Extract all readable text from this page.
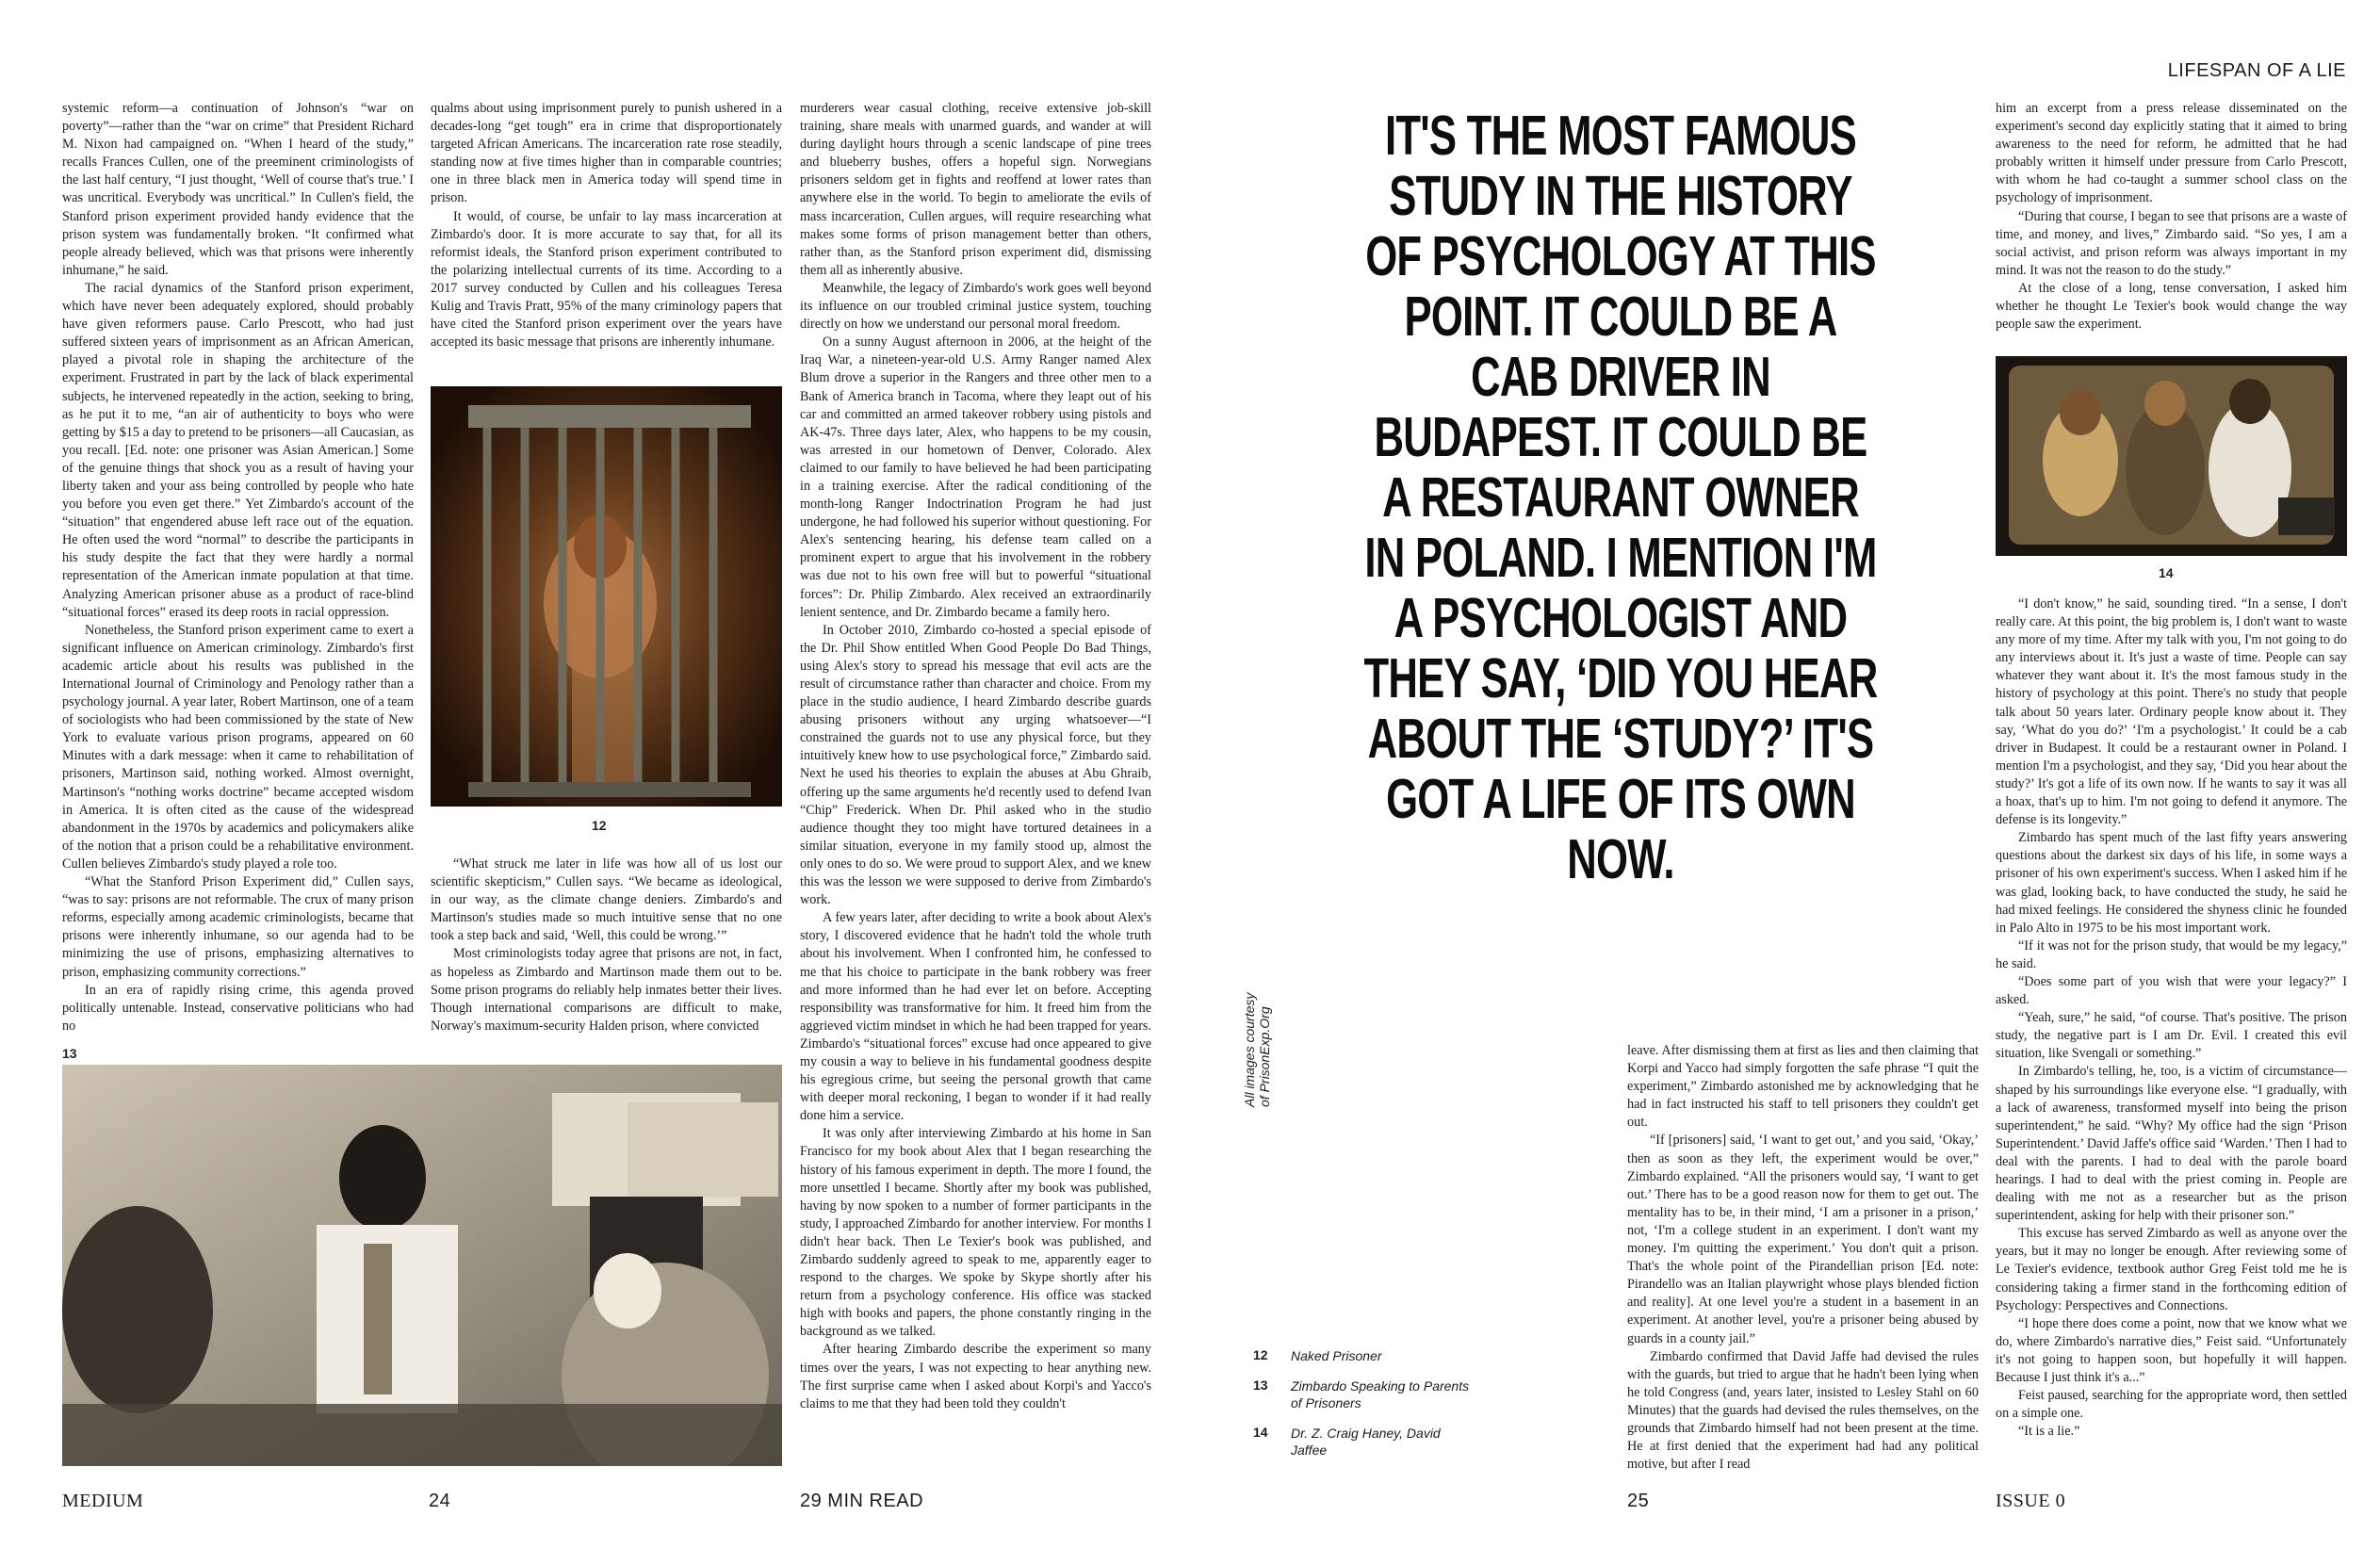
LIFESPAN OF A LIE

systemic reform—a continuation of Johnson's “war on poverty”—rather than the “war on crime” that President Richard M. Nixon had campaigned on. “When I heard of the study,” recalls Frances Cullen, one of the preeminent criminologists of the last half century, “I just thought, ‘Well of course that's true.’ I was uncritical. Everybody was uncritical.” In Cullen's field, the Stanford prison experiment provided handy evidence that the prison system was fundamentally broken. “It confirmed what people already believed, which was that prisons were inherently inhumane,” he said.

The racial dynamics of the Stanford prison experiment, which have never been adequately explored, should probably have given reformers pause. Carlo Prescott, who had just suffered sixteen years of imprisonment as an African American, played a pivotal role in shaping the architecture of the experiment. Frustrated in part by the lack of black experimental subjects, he intervened repeatedly in the action, seeking to bring, as he put it to me, “an air of authenticity to boys who were getting by $15 a day to pretend to be prisoners—all Caucasian, as you recall. [Ed. note: one prisoner was Asian American.] Some of the genuine things that shock you as a result of having your liberty taken and your ass being controlled by people who hate you before you even get there.” Yet Zimbardo's account of the “situation” that engendered abuse left race out of the equation. He often used the word “normal” to describe the participants in his study despite the fact that they were hardly a normal representation of the American inmate population at that time. Analyzing American prisoner abuse as a product of race-blind “situational forces” erased its deep roots in racial oppression.

Nonetheless, the Stanford prison experiment came to exert a significant influence on American criminology. Zimbardo's first academic article about his results was published in the International Journal of Criminology and Penology rather than a psychology journal. A year later, Robert Martinson, one of a team of sociologists who had been commissioned by the state of New York to evaluate various prison programs, appeared on 60 Minutes with a dark message: when it came to rehabilitation of prisoners, Martinson said, nothing worked. Almost overnight, Martinson's “nothing works doctrine” became accepted wisdom in America. It is often cited as the cause of the widespread abandonment in the 1970s by academics and policymakers alike of the notion that a prison could be a rehabilitative environment. Cullen believes Zimbardo's study played a role too.

“What the Stanford Prison Experiment did,” Cullen says, “was to say: prisons are not reformable. The crux of many prison reforms, especially among academic criminologists, became that prisons were inherently inhumane, so our agenda had to be minimizing the use of prisons, emphasizing alternatives to prison, emphasizing community corrections.”

In an era of rapidly rising crime, this agenda proved politically untenable. Instead, conservative politicians who had no

qualms about using imprisonment purely to punish ushered in a decades-long “get tough” era in crime that disproportionately targeted African Americans. The incarceration rate rose steadily, standing now at five times higher than in comparable countries; one in three black men in America today will spend time in prison.

It would, of course, be unfair to lay mass incarceration at Zimbardo's door. It is more accurate to say that, for all its reformist ideals, the Stanford prison experiment contributed to the polarizing intellectual currents of its time. According to a 2017 survey conducted by Cullen and his colleagues Teresa Kulig and Travis Pratt, 95% of the many criminology papers that have cited the Stanford prison experiment over the years have accepted its basic message that prisons are inherently inhumane.

12

“What struck me later in life was how all of us lost our scientific skepticism,” Cullen says. “We became as ideological, in our way, as the climate change deniers. Zimbardo's and Martinson's studies made so much intuitive sense that no one took a step back and said, ‘Well, this could be wrong.’”

Most criminologists today agree that prisons are not, in fact, as hopeless as Zimbardo and Martinson made them out to be. Some prison programs do reliably help inmates better their lives. Though international comparisons are difficult to make, Norway's maximum-security Halden prison, where convicted

13

murderers wear casual clothing, receive extensive job-skill training, share meals with unarmed guards, and wander at will during daylight hours through a scenic landscape of pine trees and blueberry bushes, offers a hopeful sign. Norwegians prisoners seldom get in fights and reoffend at lower rates than anywhere else in the world. To begin to ameliorate the evils of mass incarceration, Cullen argues, will require researching what makes some forms of prison management better than others, rather than, as the Stanford prison experiment did, dismissing them all as inherently abusive.

Meanwhile, the legacy of Zimbardo's work goes well beyond its influence on our troubled criminal justice system, touching directly on how we understand our personal moral freedom.

On a sunny August afternoon in 2006, at the height of the Iraq War, a nineteen-year-old U.S. Army Ranger named Alex Blum drove a superior in the Rangers and three other men to a Bank of America branch in Tacoma, where they leapt out of his car and committed an armed takeover robbery using pistols and AK-47s. Three days later, Alex, who happens to be my cousin, was arrested in our hometown of Denver, Colorado. Alex claimed to our family to have believed he had been participating in a training exercise. After the radical conditioning of the month-long Ranger Indoctrination Program he had just undergone, he had followed his superior without questioning. For Alex's sentencing hearing, his defense team called on a prominent expert to argue that his involvement in the robbery was due not to his own free will but to powerful “situational forces”: Dr. Philip Zimbardo. Alex received an extraordinarily lenient sentence, and Dr. Zimbardo became a family hero.

In October 2010, Zimbardo co-hosted a special episode of the Dr. Phil Show entitled When Good People Do Bad Things, using Alex's story to spread his message that evil acts are the result of circumstance rather than character and choice. From my place in the studio audience, I heard Zimbardo describe guards abusing prisoners without any urging whatsoever—“I constrained the guards not to use any physical force, but they intuitively knew how to use psychological force,” Zimbardo said. Next he used his theories to explain the abuses at Abu Ghraib, offering up the same arguments he'd recently used to defend Ivan “Chip” Frederick. When Dr. Phil asked who in the studio audience thought they too might have tortured detainees in a similar situation, everyone in my family stood up, almost the only ones to do so. We were proud to support Alex, and we knew this was the lesson we were supposed to derive from Zimbardo's work.

A few years later, after deciding to write a book about Alex's story, I discovered evidence that he hadn't told the whole truth about his involvement. When I confronted him, he confessed to me that his choice to participate in the bank robbery was freer and more informed than he had ever let on before. Accepting responsibility was transformative for him. It freed him from the aggrieved victim mindset in which he had been trapped for years. Zimbardo's “situational forces” excuse had once appeared to give my cousin a way to believe in his fundamental goodness despite his egregious crime, but seeing the personal growth that came with deeper moral reckoning, I began to wonder if it had really done him a service.

It was only after interviewing Zimbardo at his home in San Francisco for my book about Alex that I began researching the history of his famous experiment in depth. The more I found, the more unsettled I became. Shortly after my book was published, having by now spoken to a number of former participants in the study, I approached Zimbardo for another interview. For months I didn't hear back. Then Le Texier's book was published, and Zimbardo suddenly agreed to speak to me, apparently eager to respond to the charges. We spoke by Skype shortly after his return from a psychology conference. His office was stacked high with books and papers, the phone constantly ringing in the background as we talked.

After hearing Zimbardo describe the experiment so many times over the years, I was not expecting to hear anything new. The first surprise came when I asked about Korpi's and Yacco's claims to me that they had been told they couldn't

IT'S THE MOST FAMOUS STUDY IN THE HISTORY OF PSYCHOLOGY AT THIS POINT. IT COULD BE A CAB DRIVER IN BUDAPEST. IT COULD BE A RESTAURANT OWNER IN POLAND. I MENTION I'M A PSYCHOLOGIST AND THEY SAY, ‘DID YOU HEAR ABOUT THE ‘STUDY?’ IT'S GOT A LIFE OF ITS OWN NOW.
All images courtesy of PrisonExp.Org
12	Naked Prisoner
13	Zimbardo Speaking to Parents of Prisoners
14	Dr. Z. Craig Haney, David Jaffee

leave. After dismissing them at first as lies and then claiming that Korpi and Yacco had simply forgotten the safe phrase “I quit the experiment,” Zimbardo astonished me by acknowledging that he had in fact instructed his staff to tell prisoners they couldn't get out.

“If [prisoners] said, ‘I want to get out,’ and you said, ‘Okay,’ then as soon as they left, the experiment would be over,” Zimbardo explained. “All the prisoners would say, ‘I want to get out.’ There has to be a good reason now for them to get out. The mentality has to be, in their mind, ‘I am a prisoner in a prison,’ not, ‘I'm a college student in an experiment. I don't want my money. I'm quitting the experiment.’ You don't quit a prison. That's the whole point of the Pirandellian prison [Ed. note: Pirandello was an Italian playwright whose plays blended fiction and reality]. At one level you're a student in a basement in an experiment. At another level, you're a prisoner being abused by guards in a county jail.”

Zimbardo confirmed that David Jaffe had devised the rules with the guards, but tried to argue that he hadn't been lying when he told Congress (and, years later, insisted to Lesley Stahl on 60 Minutes) that the guards had devised the rules themselves, on the grounds that Zimbardo himself had not been present at the time. He at first denied that the experiment had had any political motive, but after I read

him an excerpt from a press release disseminated on the experiment's second day explicitly stating that it aimed to bring awareness to the need for reform, he admitted that he had probably written it himself under pressure from Carlo Prescott, with whom he had co-taught a summer school class on the psychology of imprisonment.

“During that course, I began to see that prisons are a waste of time, and money, and lives,” Zimbardo said. “So yes, I am a social activist, and prison reform was always important in my mind. It was not the reason to do the study.”

At the close of a long, tense conversation, I asked him whether he thought Le Texier's book would change the way people saw the experiment.

14

“I don't know,” he said, sounding tired. “In a sense, I don't really care. At this point, the big problem is, I don't want to waste any more of my time. After my talk with you, I'm not going to do any interviews about it. It's just a waste of time. People can say whatever they want about it. It's the most famous study in the history of psychology at this point. There's no study that people talk about 50 years later. Ordinary people know about it. They say, ‘What do you do?’ ‘I'm a psychologist.’ It could be a cab driver in Budapest. It could be a restaurant owner in Poland. I mention I'm a psychologist, and they say, ‘Did you hear about the study?’ It's got a life of its own now. If he wants to say it was all a hoax, that's up to him. I'm not going to defend it anymore. The defense is its longevity.”

Zimbardo has spent much of the last fifty years answering questions about the darkest six days of his life, in some ways a prisoner of his own experiment's success. When I asked him if he was glad, looking back, to have conducted the study, he said he had mixed feelings. He considered the shyness clinic he founded in Palo Alto in 1975 to be his most important work.

“If it was not for the prison study, that would be my legacy,” he said.

“Does some part of you wish that were your legacy?” I asked.

“Yeah, sure,” he said, “of course. That's positive. The prison study, the negative part is I am Dr. Evil. I created this evil situation, like Svengali or something.”

In Zimbardo's telling, he, too, is a victim of circumstance—shaped by his surroundings like everyone else. “I gradually, with a lack of awareness, transformed myself into being the prison superintendent,” he said. “Why? My office had the sign ‘Prison Superintendent.’ David Jaffe's office said ‘Warden.’ Then I had to deal with the parents. I had to deal with the parole board hearings. I had to deal with the priest coming in. People are dealing with me not as a researcher but as the prison superintendent, asking for help with their prisoner son.”

This excuse has served Zimbardo as well as anyone over the years, but it may no longer be enough. After reviewing some of Le Texier's evidence, textbook author Greg Feist told me he is considering taking a firmer stand in the forthcoming edition of Psychology: Perspectives and Connections.

“I hope there does come a point, now that we know what we do, where Zimbardo's narrative dies,” Feist said. “Unfortunately it's not going to happen soon, but hopefully it will happen. Because I just think it's a...”

Feist paused, searching for the appropriate word, then settled on a simple one.

“It is a lie.”

MEDIUM	24	29 MIN READ	25	ISSUE 0
